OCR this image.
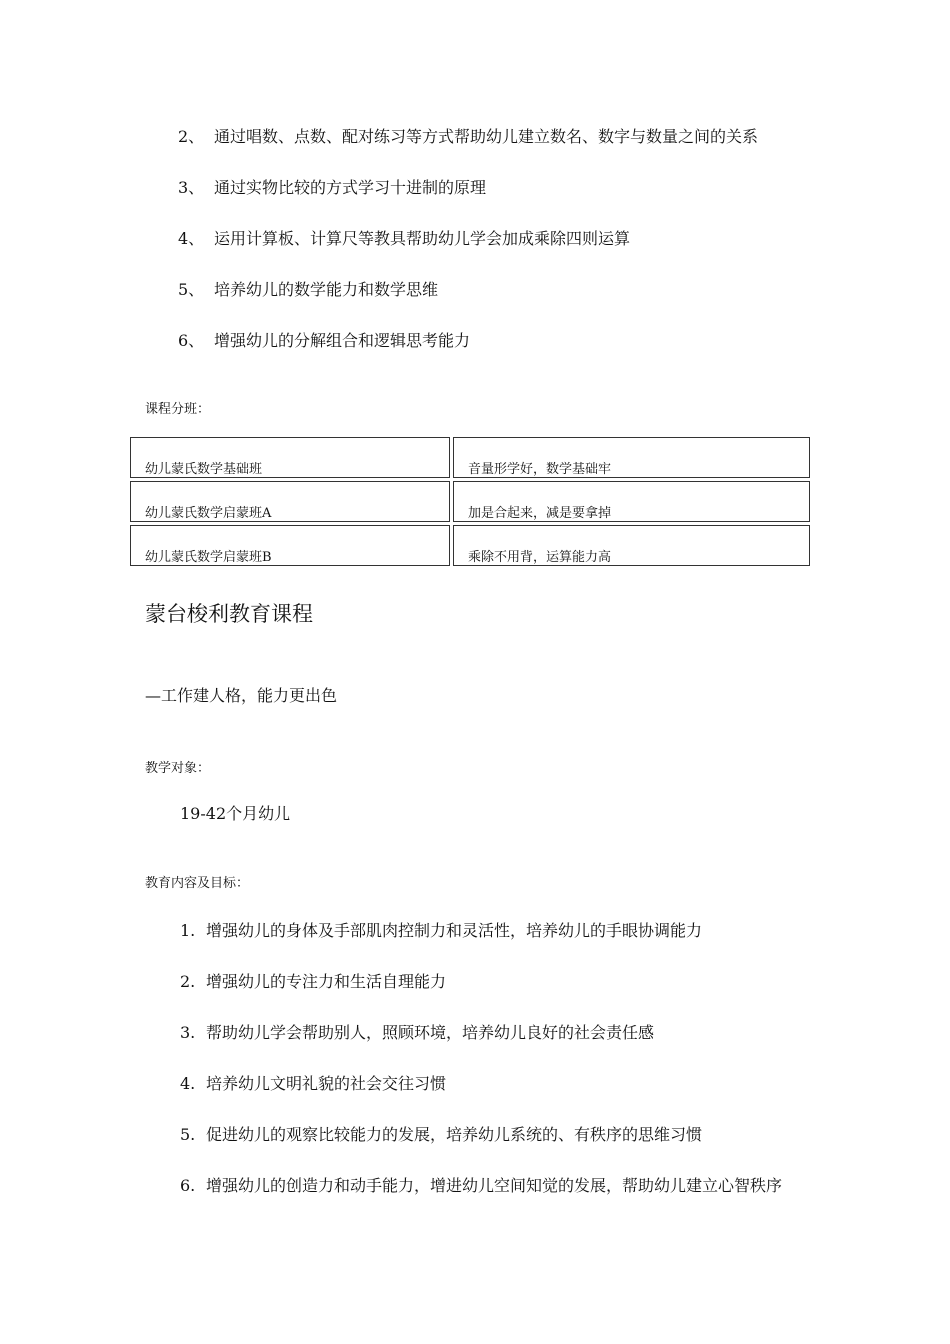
2、 通过唱数、点数、配对练习等方式帮助幼儿建立数名、数字与数量之间的关系
3、 通过实物比较的方式学习十进制的原理
4、 运用计算板、计算尺等教具帮助幼儿学会加成乘除四则运算
5、 培养幼儿的数学能力和数学思维
6、 增强幼儿的分解组合和逻辑思考能力
课程分班：
幼儿蒙氏数学基础班	音量形学好，数学基础牢
幼儿蒙氏数学启蒙班A	加是合起来，减是要拿掉
幼儿蒙氏数学启蒙班B	乘除不用背，运算能力高
蒙台梭利教育课程
—工作建人格，能力更出色
教学对象：
19-42个月幼儿
教育内容及目标：
1. 增强幼儿的身体及手部肌肉控制力和灵活性，培养幼儿的手眼协调能力
2. 增强幼儿的专注力和生活自理能力
3. 帮助幼儿学会帮助别人，照顾环境，培养幼儿良好的社会责任感
4. 培养幼儿文明礼貌的社会交往习惯
5. 促进幼儿的观察比较能力的发展，培养幼儿系统的、有秩序的思维习惯
6. 增强幼儿的创造力和动手能力，增进幼儿空间知觉的发展，帮助幼儿建立心智秩序
